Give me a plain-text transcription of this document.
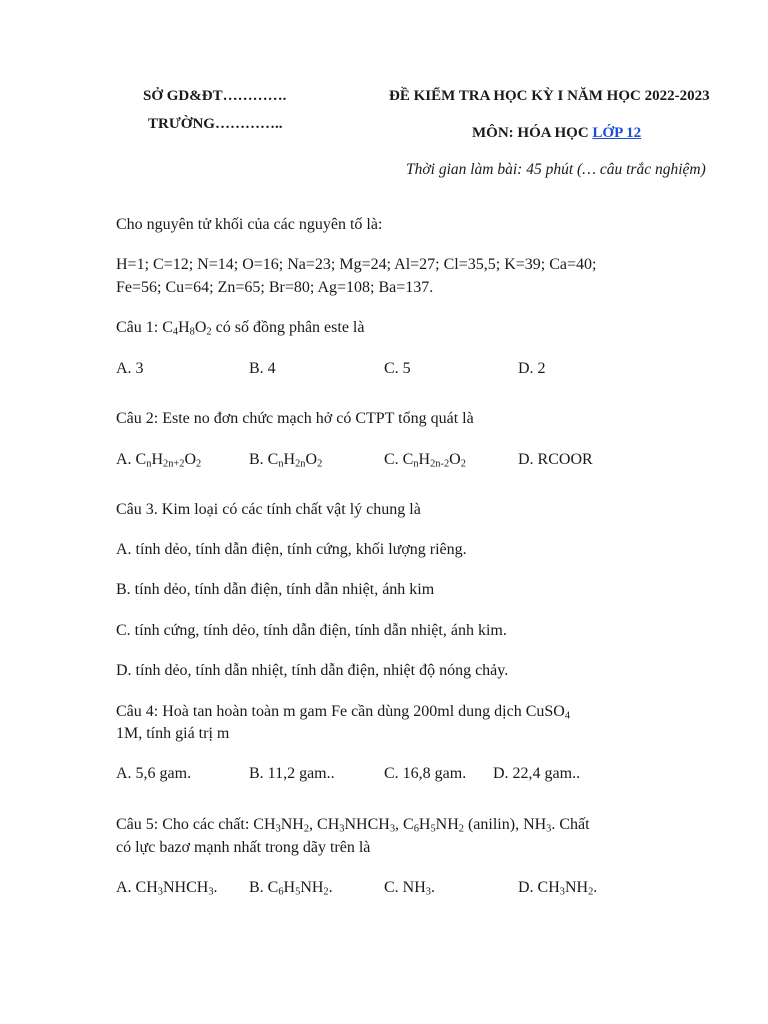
SỞ GD&ĐT………….
TRƯỜNG…………..
ĐỀ KIỂM TRA HỌC KỲ I NĂM HỌC 2022-2023
MÔN: HÓA HỌC LỚP 12
Thời gian làm bài: 45 phút (… câu trắc nghiệm)
Cho nguyên tử khối của các nguyên tố là:
H=1; C=12; N=14; O=16; Na=23; Mg=24; Al=27; Cl=35,5; K=39; Ca=40;
Fe=56; Cu=64; Zn=65; Br=80; Ag=108; Ba=137.
Câu 1: $C_4H_8O_2$ có số đồng phân este là
A. 3	B. 4	C. 5	D. 2
Câu 2: Este no đơn chức mạch hở có CTPT tổng quát là
A. $C_nH_{2n+2}O_2$	B. $C_nH_{2n}O_2$	C. $C_nH_{2n-2}O_2$	D. RCOOR
Câu 3. Kim loại có các tính chất vật lý chung là
A. tính dẻo, tính dẫn điện, tính cứng, khối lượng riêng.
B. tính dẻo, tính dẫn điện, tính dẫn nhiệt, ánh kim
C. tính cứng, tính dẻo, tính dẫn điện, tính dẫn nhiệt, ánh kim.
D. tính dẻo, tính dẫn nhiệt, tính dẫn điện, nhiệt độ nóng chảy.
Câu 4: Hoà tan hoàn toàn m gam Fe cần dùng 200ml dung dịch CuSO$_4$
1M, tính giá trị m
A. 5,6 gam.	B. 11,2 gam..	C. 16,8 gam. D. 22,4 gam..
Câu 5: Cho các chất: $CH_3NH_2$, $CH_3NHCH_3$, $C_6H_5NH_2$ (anilin), $NH_3$. Chất
có lực bazơ mạnh nhất trong dãy trên là
A. $CH_3NHCH_3$. B. $C_6H_5NH_2$.	C. $NH_3$.	D. $CH_3NH_2$.
